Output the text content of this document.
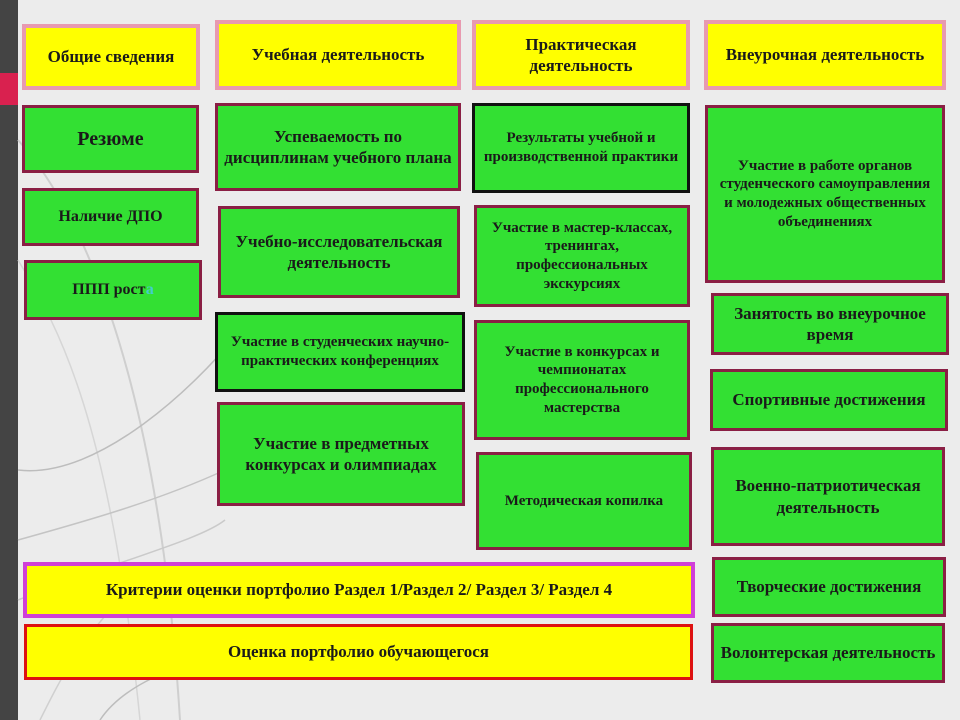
Общие сведения	Учебная деятельность
Практическая деятельность
Внеурочная деятельность
Резюме
Наличие ДПО
ППП роста
Успеваемость по дисциплинам учебного плана
Учебно-исследовательская деятельность
Участие в студенческих научно-практических конференциях
Участие в предметных конкурсах и олимпиадах
Результаты учебной и производственной практики
Участие в мастер-классах, тренингах, профессиональных экскурсиях
Участие в конкурсах и чемпионатах профессионального мастерства
Методическая копилка
Участие в работе органов студенческого самоуправления и молодежных общественных объединениях
Занятость во внеурочное время
Спортивные достижения
Военно-патриотическая деятельность
Творческие достижения
Волонтерская деятельность
Критерии оценки портфолио Раздел 1/Раздел 2/ Раздел 3/ Раздел 4
Оценка портфолио обучающегося
